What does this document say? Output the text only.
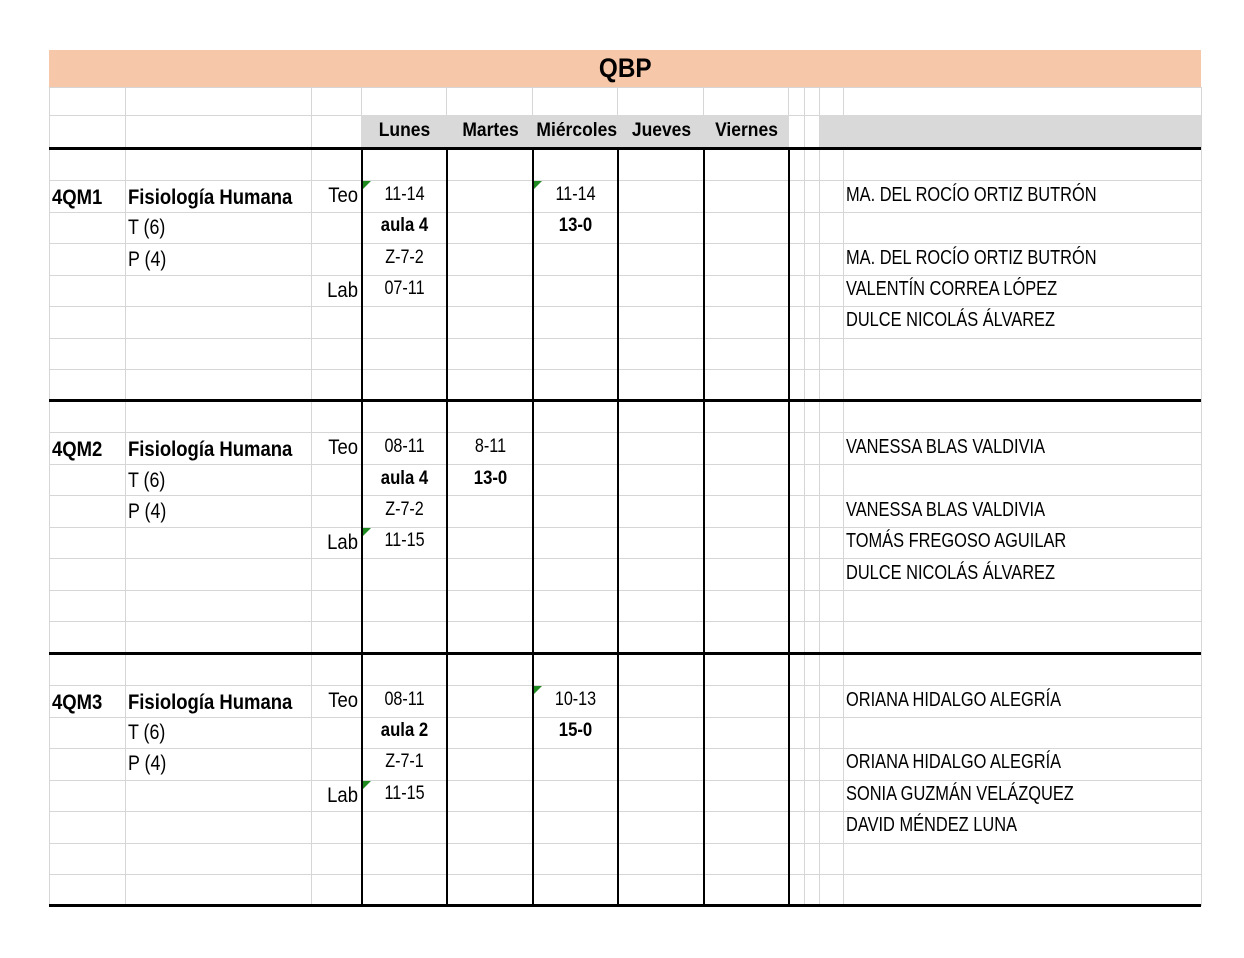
QBP
Lunes	Martes Miércoles Jueves	Viernes
4QM1 Fisiología Humana
T (6)
P (4)
Teo
Lab
11-14
aula 4
Z-7-2
07-11
11-14
13-0
MA. DEL ROCÍO ORTIZ BUTRÓN
MA. DEL ROCÍO ORTIZ BUTRÓN
VALENTÍN CORREA LÓPEZ
DULCE NICOLÁS ÁLVAREZ
4QM2 Fisiología Humana
T (6)
P (4)
Teo
Lab
08-11
aula 4
Z-7-2
11-15
8-11
13-0
VANESSA BLAS VALDIVIA
VANESSA BLAS VALDIVIA
TOMÁS FREGOSO AGUILAR
DULCE NICOLÁS ÁLVAREZ
4QM3 Fisiología Humana
T (6)
P (4)
Teo
Lab
08-11
aula 2
Z-7-1
11-15
10-13
15-0
ORIANA HIDALGO ALEGRÍA
ORIANA HIDALGO ALEGRÍA
SONIA GUZMÁN VELÁZQUEZ
DAVID MÉNDEZ LUNA
